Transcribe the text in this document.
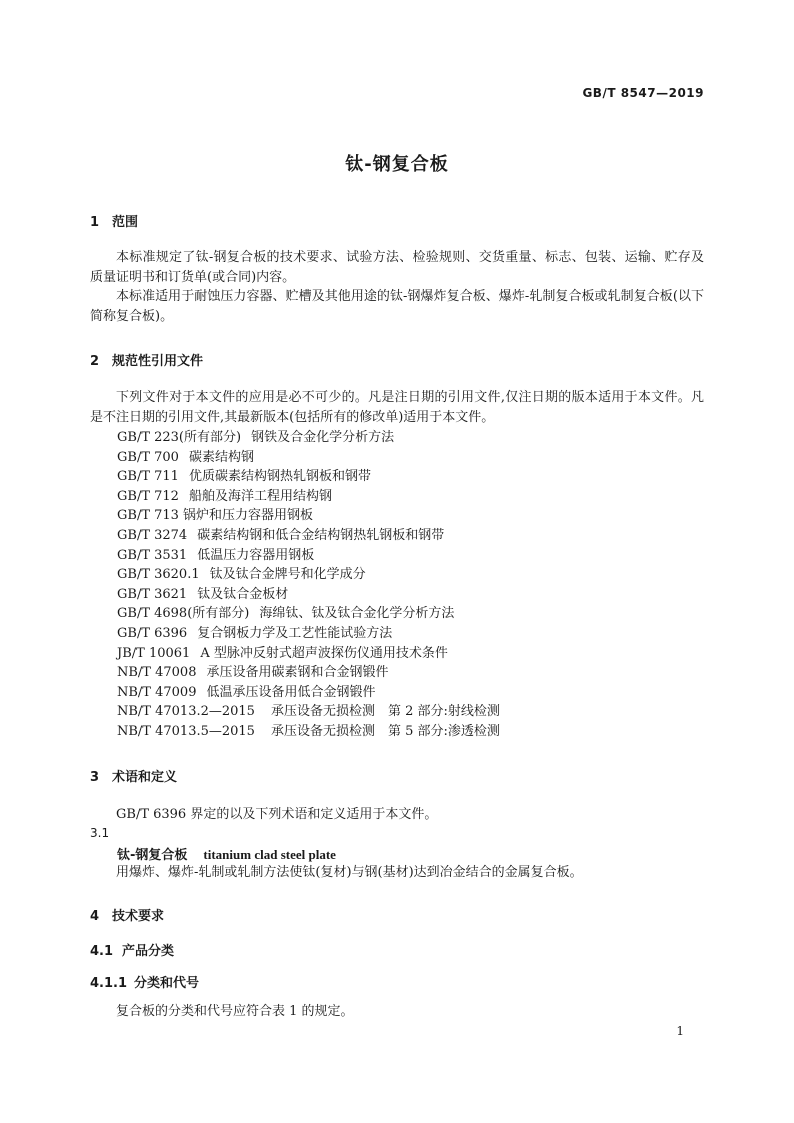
GB/T 8547—2019
钛-钢复合板
1 范围
本标准规定了钛-钢复合板的技术要求、试验方法、检验规则、交货重量、标志、包装、运输、贮存及质量证明书和订货单(或合同)内容。
本标准适用于耐蚀压力容器、贮槽及其他用途的钛-钢爆炸复合板、爆炸-轧制复合板或轧制复合板(以下简称复合板)。
2 规范性引用文件
下列文件对于本文件的应用是必不可少的。凡是注日期的引用文件,仅注日期的版本适用于本文件。凡是不注日期的引用文件,其最新版本(包括所有的修改单)适用于本文件。
GB/T 223(所有部分) 钢铁及合金化学分析方法
GB/T 700 碳素结构钢
GB/T 711 优质碳素结构钢热轧钢板和钢带
GB/T 712 船舶及海洋工程用结构钢
GB/T 713 锅炉和压力容器用钢板
GB/T 3274 碳素结构钢和低合金结构钢热轧钢板和钢带
GB/T 3531 低温压力容器用钢板
GB/T 3620.1 钛及钛合金牌号和化学成分
GB/T 3621 钛及钛合金板材
GB/T 4698(所有部分) 海绵钛、钛及钛合金化学分析方法
GB/T 6396 复合钢板力学及工艺性能试验方法
JB/T 10061 A 型脉冲反射式超声波探伤仪通用技术条件
NB/T 47008 承压设备用碳素钢和合金钢锻件
NB/T 47009 低温承压设备用低合金钢锻件
NB/T 47013.2—2015 承压设备无损检测　第 2 部分:射线检测
NB/T 47013.5—2015 承压设备无损检测　第 5 部分:渗透检测
3 术语和定义
GB/T 6396 界定的以及下列术语和定义适用于本文件。
3.1
钛-钢复合板 titanium clad steel plate
用爆炸、爆炸-轧制或轧制方法使钛(复材)与钢(基材)达到冶金结合的金属复合板。
4 技术要求
4.1 产品分类
4.1.1 分类和代号
复合板的分类和代号应符合表 1 的规定。
1
